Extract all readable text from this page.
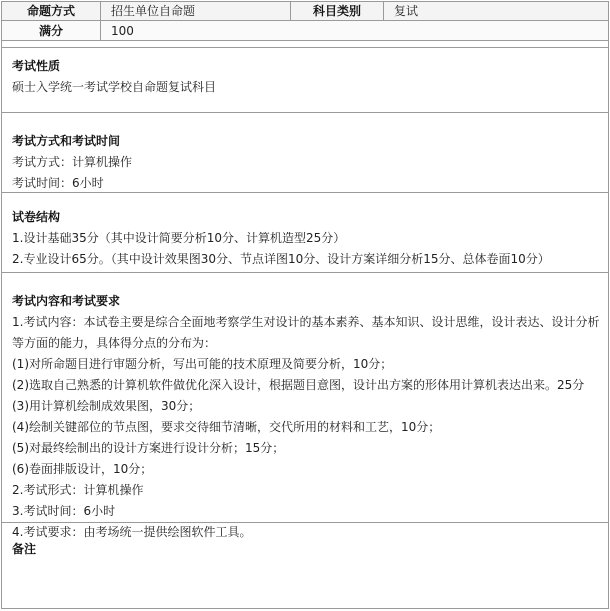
命题方式	招生单位自命题	科目类别	复试
满分	100
考试性质
硕士入学统一考试学校自命题复试科目
考试方式和考试时间
考试方式：计算机操作
考试时间：6小时
试卷结构
1.设计基础35分（其中设计简要分析10分、计算机造型25分）
2.专业设计65分。（其中设计效果图30分、节点详图10分、设计方案详细分析15分、总体卷面10分）
考试内容和考试要求
1.考试内容：本试卷主要是综合全面地考察学生对设计的基本素养、基本知识、设计思维，设计表达、设计分析等方面的能力，具体得分点的分布为：
(1)对所命题目进行审题分析，写出可能的技术原理及简要分析，10分；
(2)选取自己熟悉的计算机软件做优化深入设计，根据题目意图，设计出方案的形体用计算机表达出来。25分
(3)用计算机绘制成效果图，30分；
(4)绘制关键部位的节点图，要求交待细节清晰，交代所用的材料和工艺，10分；
(5)对最终绘制出的设计方案进行设计分析；15分；
(6)卷面排版设计，10分；
2.考试形式：计算机操作
3.考试时间：6小时
4.考试要求：由考场统一提供绘图软件工具。
备注
